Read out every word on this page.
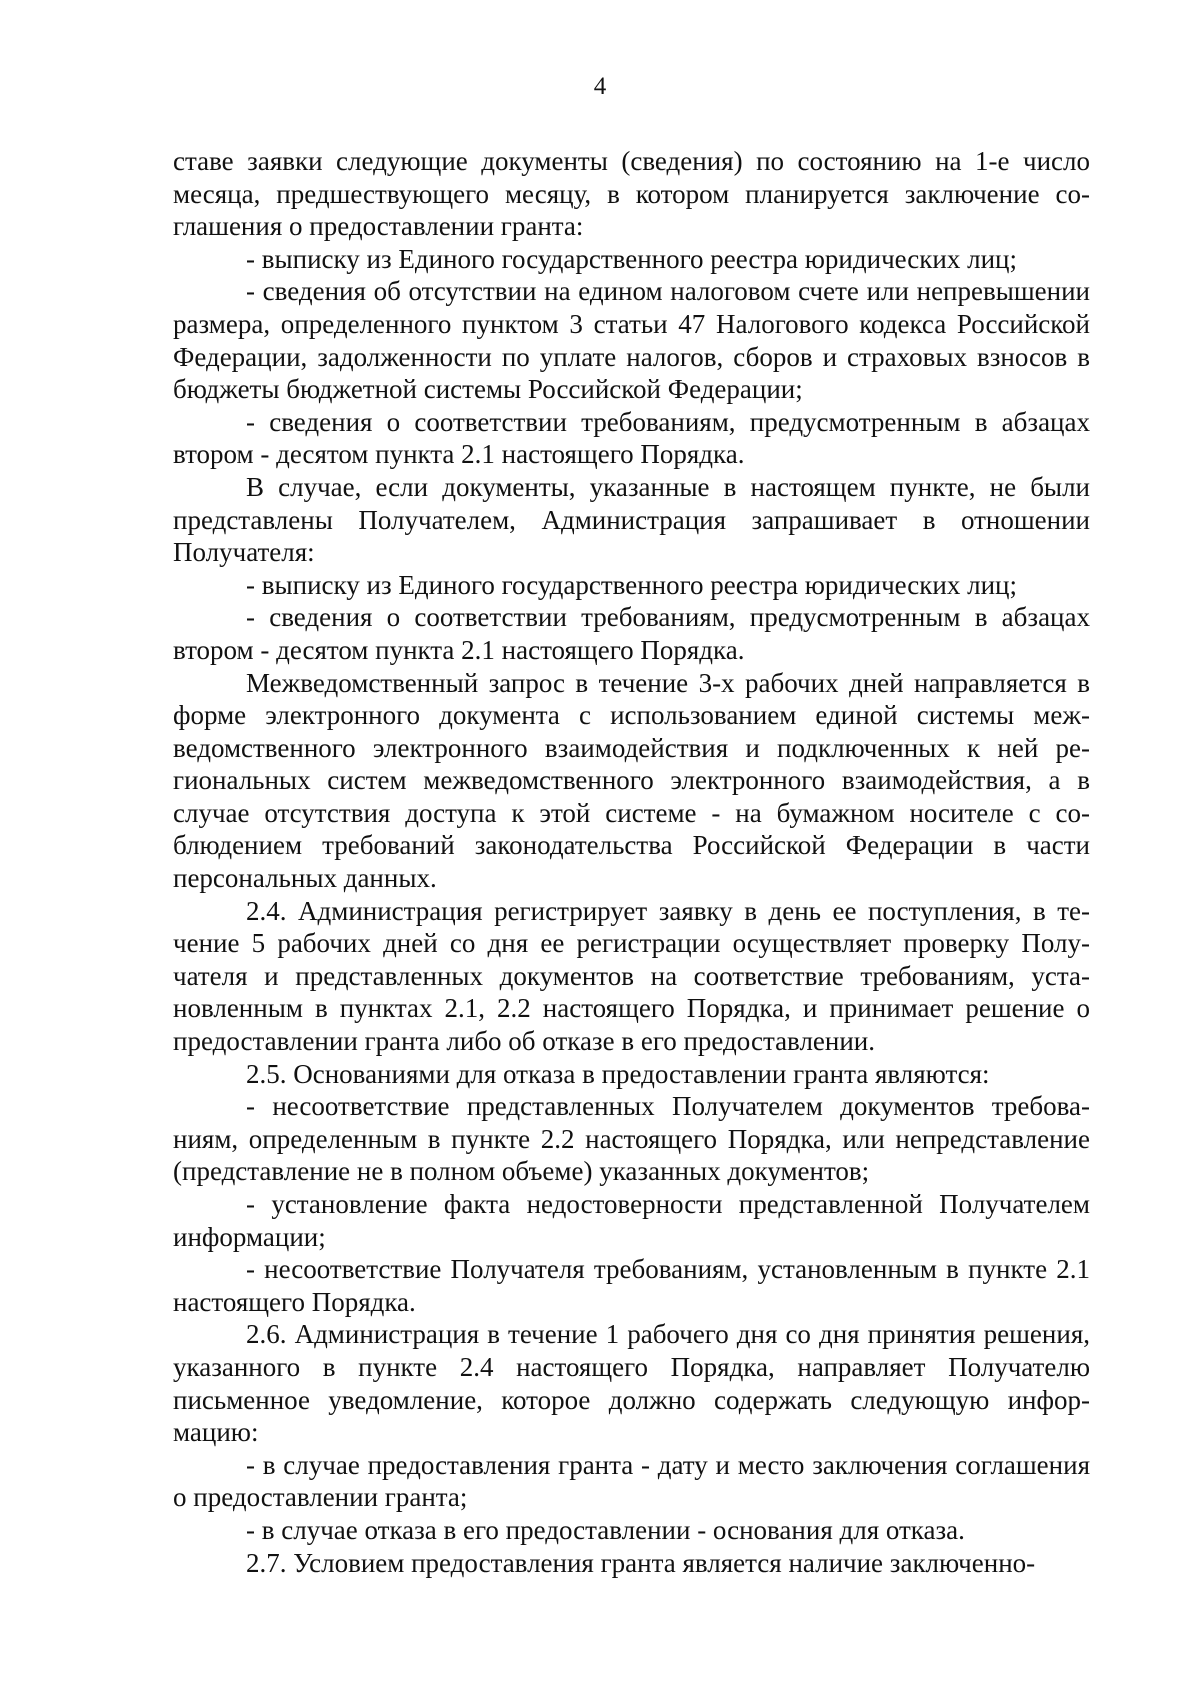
4

ставе заявки следующие документы (сведения) по состоянию на 1-е число месяца, предшествующего месяцу, в котором планируется заключение соглашения о предоставлении гранта:

- выписку из Единого государственного реестра юридических лиц;

- сведения об отсутствии на едином налоговом счете или непревышении размера, определенного пунктом 3 статьи 47 Налогового кодекса Российской Федерации, задолженности по уплате налогов, сборов и страховых взносов в бюджеты бюджетной системы Российской Федерации;

- сведения о соответствии требованиям, предусмотренным в абзацах втором - десятом пункта 2.1 настоящего Порядка.

В случае, если документы, указанные в настоящем пункте, не были представлены Получателем, Администрация запрашивает в отношении Получателя:

- выписку из Единого государственного реестра юридических лиц;

- сведения о соответствии требованиям, предусмотренным в абзацах втором - десятом пункта 2.1 настоящего Порядка.

Межведомственный запрос в течение 3-х рабочих дней направляется в форме электронного документа с использованием единой системы межведомственного электронного взаимодействия и подключенных к ней региональных систем межведомственного электронного взаимодействия, а в случае отсутствия доступа к этой системе - на бумажном носителе с соблюдением требований законодательства Российской Федерации в части персональных данных.

2.4. Администрация регистрирует заявку в день ее поступления, в течение 5 рабочих дней со дня ее регистрации осуществляет проверку Получателя и представленных документов на соответствие требованиям, установленным в пунктах 2.1, 2.2 настоящего Порядка, и принимает решение о предоставлении гранта либо об отказе в его предоставлении.

2.5. Основаниями для отказа в предоставлении гранта являются:

- несоответствие представленных Получателем документов требованиям, определенным в пункте 2.2 настоящего Порядка, или непредставление (представление не в полном объеме) указанных документов;

- установление факта недостоверности представленной Получателем информации;

- несоответствие Получателя требованиям, установленным в пункте 2.1 настоящего Порядка.

2.6. Администрация в течение 1 рабочего дня со дня принятия решения, указанного в пункте 2.4 настоящего Порядка, направляет Получателю письменное уведомление, которое должно содержать следующую информацию:

- в случае предоставления гранта - дату и место заключения соглашения о предоставлении гранта;

- в случае отказа в его предоставлении - основания для отказа.

2.7. Условием предоставления гранта является наличие заключенно-
